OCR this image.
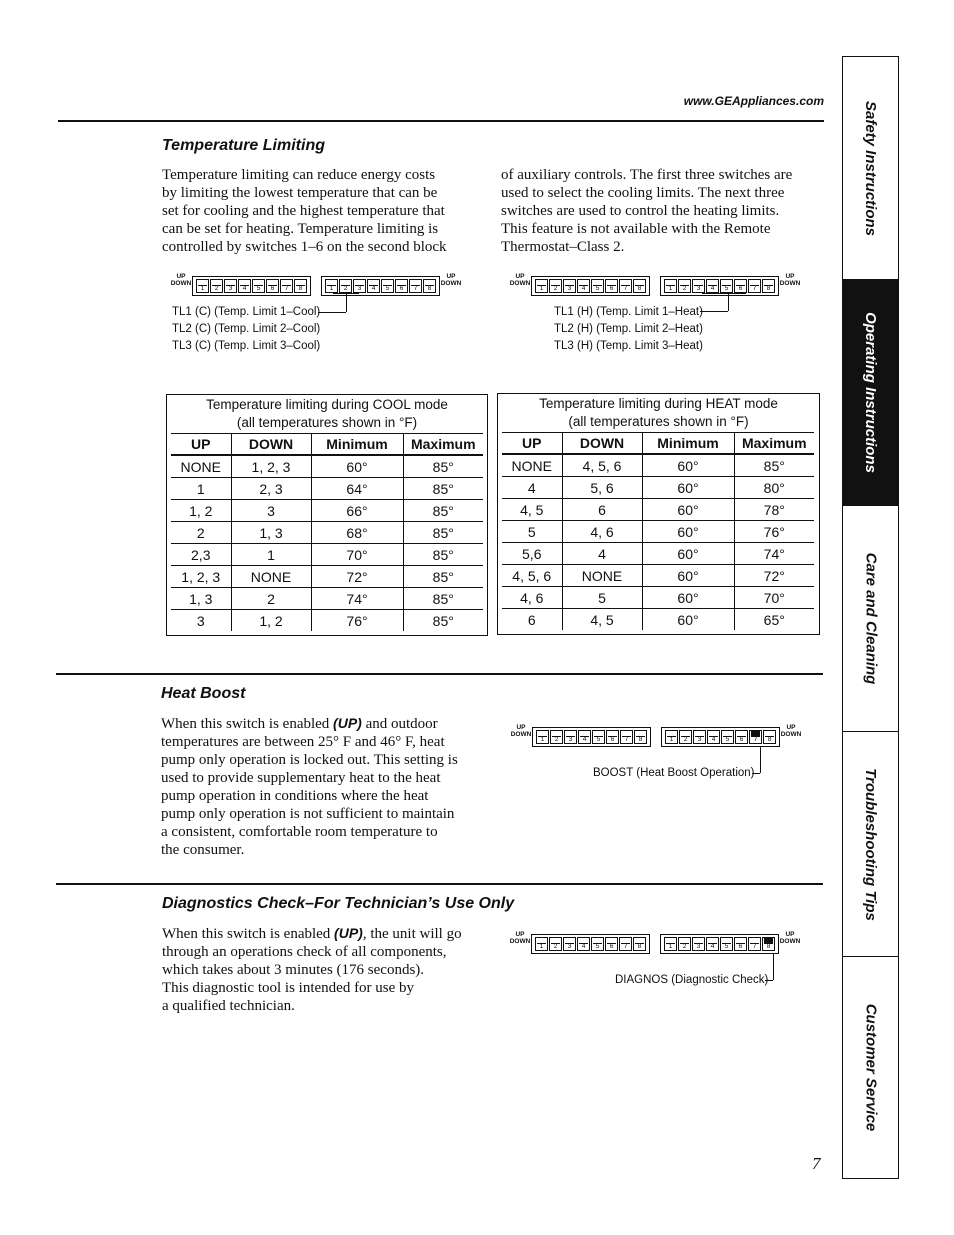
www.GEAppliances.com
Temperature Limiting
Temperature limiting can reduce energy costs
by limiting the lowest temperature that can be
set for cooling and the highest temperature that
can be set for heating. Temperature limiting is
controlled by switches 1–6 on the second block
of auxiliary controls. The first three switches are
used to select the cooling limits. The next three
switches are used to control the heating limits.
This feature is not available with the Remote
Thermostat–Class 2.
UP
DOWN
1	2	3	4	5	6	7	8	1	2	3	4	5	6	7	8
UP
DOWN
UP
DOWN
1	2	3	4	5	6	7	8	1	2	3	4	5	6	7	8
UP
DOWN
UP
DOWN
1	2	3	4	5	6	7	8	1	2	3	4	5	6	7	8
UP
DOWN
UP
DOWN
1	2	3	4	5	6	7	8	1	2	3	4	5	6	7	8
UP
DOWN
TL1 (C) (Temp. Limit 1–Cool)
TL2 (C) (Temp. Limit 2–Cool)
TL3 (C) (Temp. Limit 3–Cool)
TL1 (H) (Temp. Limit 1–Heat)
TL2 (H) (Temp. Limit 2–Heat)
TL3 (H) (Temp. Limit 3–Heat)
Temperature limiting during COOL mode
(all temperatures shown in °F)
UP	DOWN	Minimum	Maximum
NONE	1, 2, 3	60°	85°
1	2, 3	64°	85°
1, 2	3	66°	85°
2	1, 3	68°	85°
2,3	1	70°	85°
1, 2, 3	NONE	72°	85°
1, 3	2	74°	85°
3	1, 2	76°	85°
Temperature limiting during HEAT mode
(all temperatures shown in °F)
UP	DOWN	Minimum	Maximum
NONE	4, 5, 6	60°	85°
4	5, 6	60°	80°
4, 5	6	60°	78°
5	4, 6	60°	76°
5,6	4	60°	74°
4, 5, 6	NONE	60°	72°
4, 6	5	60°	70°
6	4, 5	60°	65°
Heat Boost
When this switch is enabled (UP) and outdoor
temperatures are between 25° F and 46° F, heat
pump only operation is locked out. This setting is
used to provide supplementary heat to the heat
pump operation in conditions where the heat
pump only operation is not sufficient to maintain
a consistent, comfortable room temperature to
the consumer.
BOOST (Heat Boost Operation)
Diagnostics Check–For Technician’s Use Only
When this switch is enabled (UP), the unit will go
through an operations check of all components,
which takes about 3 minutes (176 seconds).
This diagnostic tool is intended for use by
a qualified technician.
DIAGNOS (Diagnostic Check)
Safety Instructions
Operating Instructions
Care and Cleaning
Troubleshooting Tips
Customer Service
7
